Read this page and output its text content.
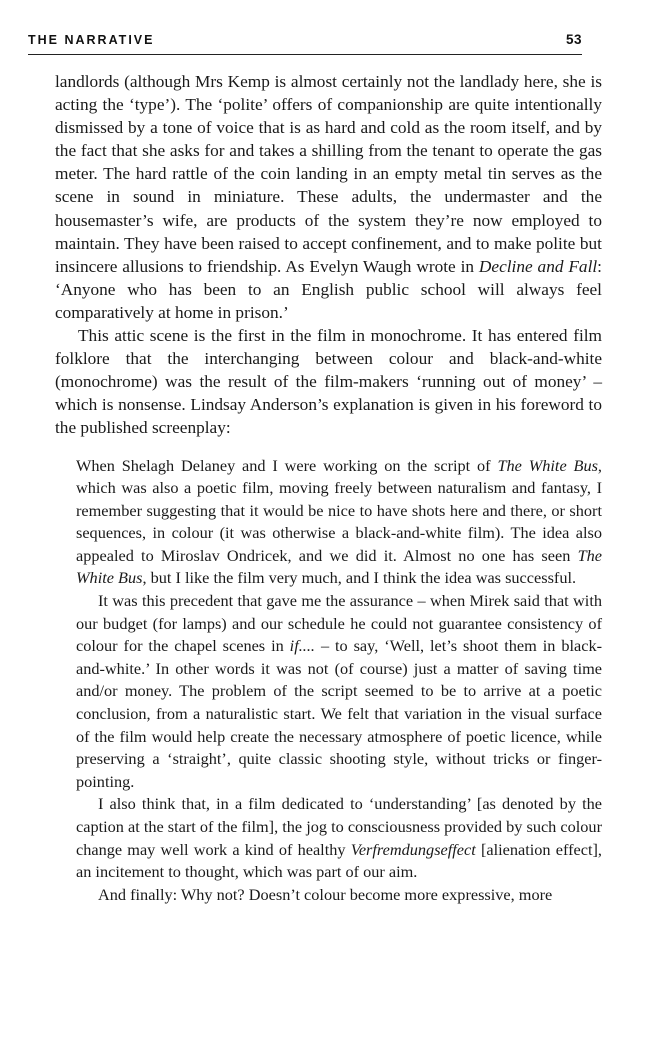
THE NARRATIVE	53

landlords (although Mrs Kemp is almost certainly not the landlady here, she is acting the ‘type’). The ‘polite’ offers of companionship are quite intentionally dismissed by a tone of voice that is as hard and cold as the room itself, and by the fact that she asks for and takes a shilling from the tenant to operate the gas meter. The hard rattle of the coin landing in an empty metal tin serves as the scene in sound in miniature. These adults, the undermaster and the housemaster’s wife, are products of the system they’re now employed to maintain. They have been raised to accept confinement, and to make polite but insincere allusions to friendship. As Evelyn Waugh wrote in Decline and Fall: ‘Anyone who has been to an English public school will always feel comparatively at home in prison.’

This attic scene is the first in the film in monochrome. It has entered film folklore that the interchanging between colour and black-and-white (monochrome) was the result of the film-makers ‘running out of money’ – which is nonsense. Lindsay Anderson’s explanation is given in his foreword to the published screenplay:

When Shelagh Delaney and I were working on the script of The White Bus, which was also a poetic film, moving freely between naturalism and fantasy, I remember suggesting that it would be nice to have shots here and there, or short sequences, in colour (it was otherwise a black-and-white film). The idea also appealed to Miroslav Ondricek, and we did it. Almost no one has seen The White Bus, but I like the film very much, and I think the idea was successful.

It was this precedent that gave me the assurance – when Mirek said that with our budget (for lamps) and our schedule he could not guarantee consistency of colour for the chapel scenes in if.... – to say, ‘Well, let’s shoot them in black-and-white.’ In other words it was not (of course) just a matter of saving time and/or money. The problem of the script seemed to be to arrive at a poetic conclusion, from a naturalistic start. We felt that variation in the visual surface of the film would help create the necessary atmosphere of poetic licence, while preserving a ‘straight’, quite classic shooting style, without tricks or finger-pointing.

I also think that, in a film dedicated to ‘understanding’ [as denoted by the caption at the start of the film], the jog to consciousness provided by such colour change may well work a kind of healthy Verfremdungseffect [alienation effect], an incitement to thought, which was part of our aim.

And finally: Why not? Doesn’t colour become more expressive, more
